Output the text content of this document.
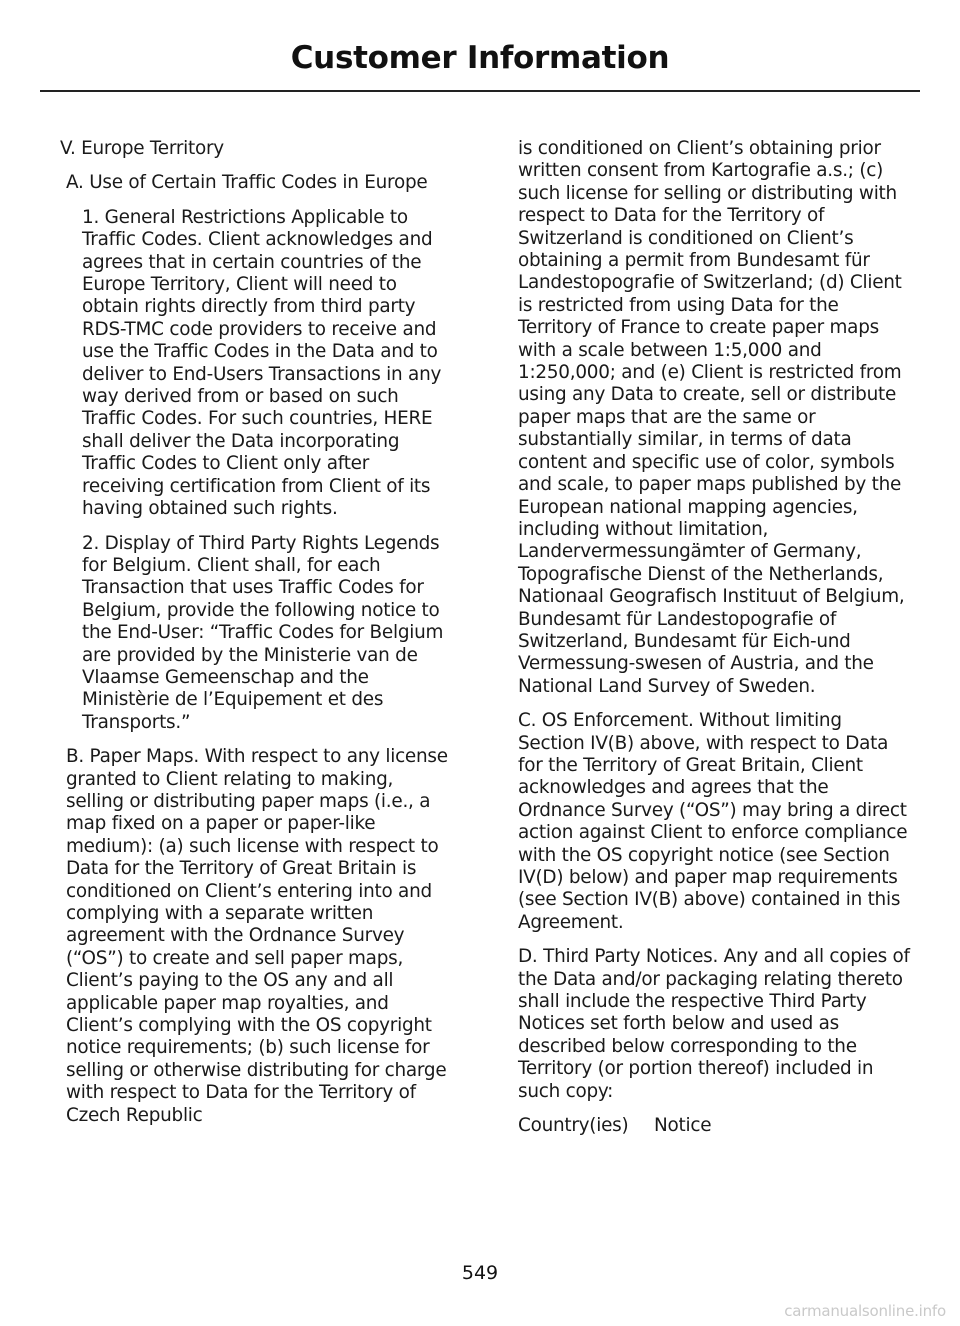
Customer Information

V. Europe Territory

A. Use of Certain Traffic Codes in Europe

1. General Restrictions Applicable to Traffic Codes. Client acknowledges and agrees that in certain countries of the Europe Territory, Client will need to obtain rights directly from third party RDS-TMC code providers to receive and use the Traffic Codes in the Data and to deliver to End-Users Transactions in any way derived from or based on such Traffic Codes. For such countries, HERE shall deliver the Data incorporating Traffic Codes to Client only after receiving certification from Client of its having obtained such rights.

2. Display of Third Party Rights Legends for Belgium. Client shall, for each Transaction that uses Traffic Codes for Belgium, provide the following notice to the End-User: “Traffic Codes for Belgium are provided by the Ministerie van de Vlaamse Gemeenschap and the Ministèrie de l’Equipement et des Transports.”

B. Paper Maps. With respect to any license granted to Client relating to making, selling or distributing paper maps (i.e., a map fixed on a paper or paper-like medium): (a) such license with respect to Data for the Territory of Great Britain is conditioned on Client’s entering into and complying with a separate written agreement with the Ordnance Survey (“OS”) to create and sell paper maps, Client’s paying to the OS any and all applicable paper map royalties, and Client’s complying with the OS copyright notice requirements; (b) such license for selling or otherwise distributing for charge with respect to Data for the Territory of Czech Republic

is conditioned on Client’s obtaining prior written consent from Kartografie a.s.; (c) such license for selling or distributing with respect to Data for the Territory of Switzerland is conditioned on Client’s obtaining a permit from Bundesamt für Landestopografie of Switzerland; (d) Client is restricted from using Data for the Territory of France to create paper maps with a scale between 1:5,000 and 1:250,000; and (e) Client is restricted from using any Data to create, sell or distribute paper maps that are the same or substantially similar, in terms of data content and specific use of color, symbols and scale, to paper maps published by the European national mapping agencies, including without limitation, Landervermessungämter of Germany, Topografische Dienst of the Netherlands, Nationaal Geografisch Instituut of Belgium, Bundesamt für Landestopografie of Switzerland, Bundesamt für Eich-und Vermessung-swesen of Austria, and the National Land Survey of Sweden.

C. OS Enforcement. Without limiting Section IV(B) above, with respect to Data for the Territory of Great Britain, Client acknowledges and agrees that the Ordnance Survey (“OS”) may bring a direct action against Client to enforce compliance with the OS copyright notice (see Section IV(D) below) and paper map requirements (see Section IV(B) above) contained in this Agreement.

D. Third Party Notices. Any and all copies of the Data and/or packaging relating thereto shall include the respective Third Party Notices set forth below and used as described below corresponding to the Territory (or portion thereof) included in such copy:

Country(ies) Notice

549
carmanualsonline.info
